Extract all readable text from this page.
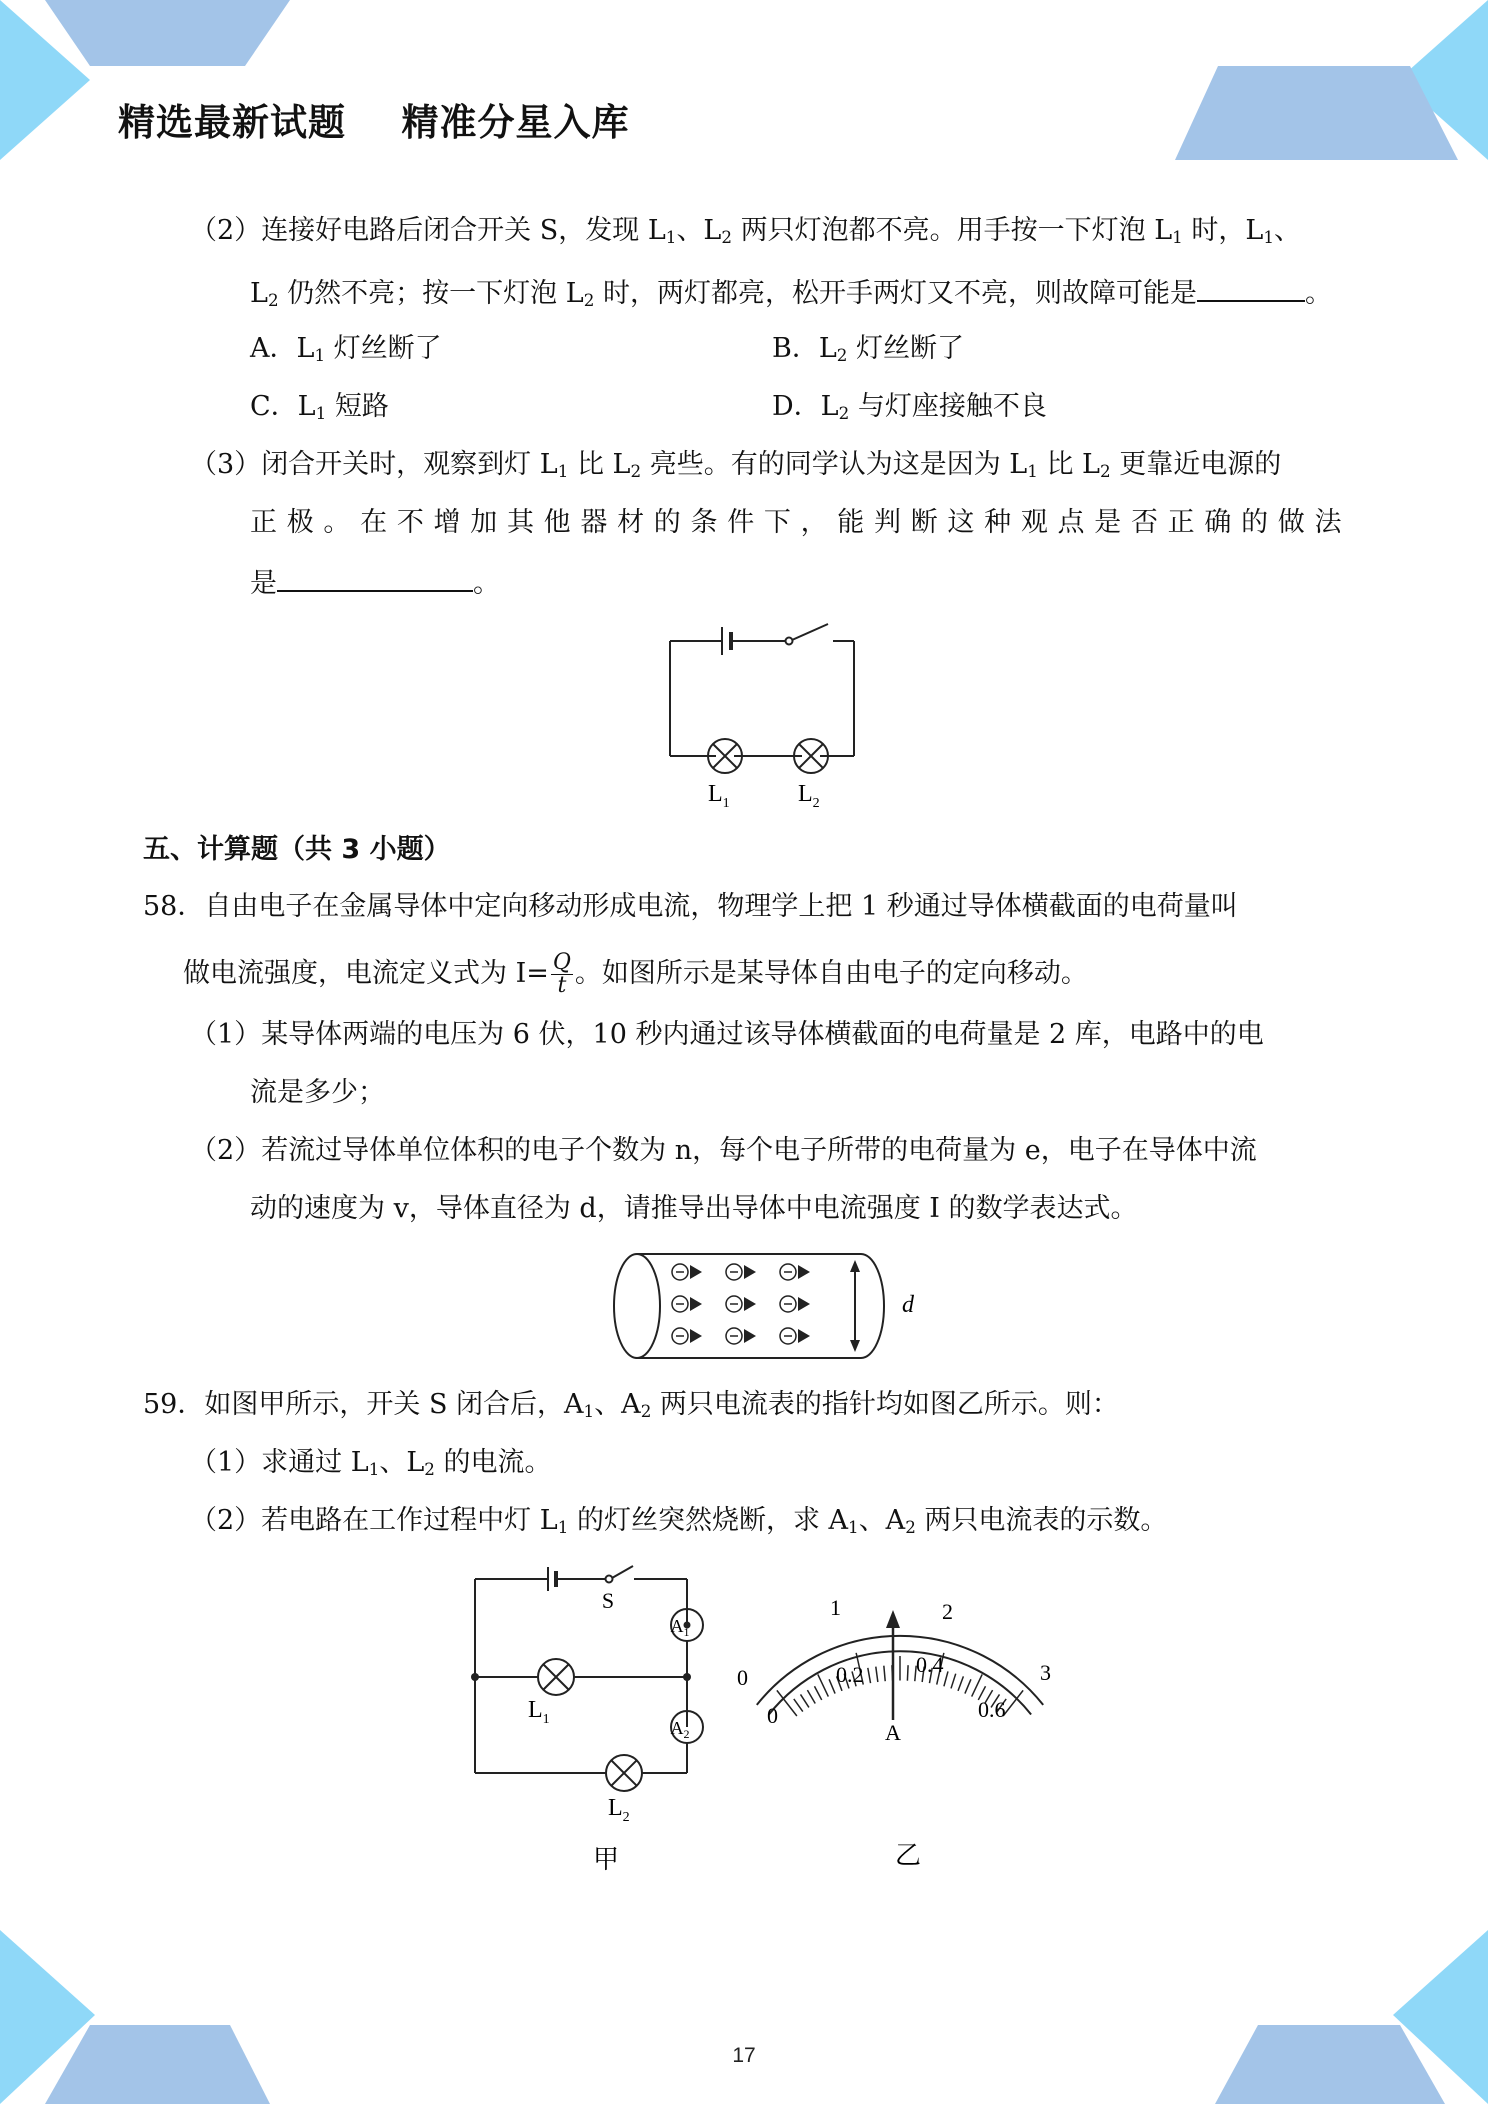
精选最新试题    精准分星入库
（2）连接好电路后闭合开关 S，发现 $L_1$、$L_2$ 两只灯泡都不亮。用手按一下灯泡 $L_1$ 时，$L_1$、
$L_2$ 仍然不亮；按一下灯泡 $L_2$ 时，两灯都亮，松开手两灯又不亮，则故障可能是	。
A．$L_1$ 灯丝断了	B．$L_2$ 灯丝断了
C．$L_1$ 短路	D．$L_2$ 与灯座接触不良
（3）闭合开关时，观察到灯 $L_1$ 比 $L_2$ 亮些。有的同学认为这是因为 $L_1$ 比 $L_2$ 更靠近电源的
正极。在不增加其他器材的条件下，能判断这种观点是否正确的做法
是	。
$L_1$	$L_2$
五、计算题（共 3 小题）
58．自由电子在金属导体中定向移动形成电流，物理学上把 1 秒通过导体横截面的电荷量叫
做电流强度，电流定义式为 $I= \frac{Q}{t}$ 。如图所示是某导体自由电子的定向移动。
（1）某导体两端的电压为 6 伏，10 秒内通过该导体横截面的电荷量是 2 库，电路中的电
流是多少；
（2）若流过导体单位体积的电子个数为 n，每个电子所带的电荷量为 e，电子在导体中流
动的速度为 v，导体直径为 d，请推导出导体中电流强度 I 的数学表达式。
d
59．如图甲所示，开关 S 闭合后，$A_1$、$A_2$ 两只电流表的指针均如图乙所示。则：
（1）求通过 $L_1$、$L_2$ 的电流。
（2）若电路在工作过程中灯 $L_1$ 的灯丝突然烧断，求 $A_1$、$A_2$ 两只电流表的示数。
S
$A_1$
$A_2$
$L_1$
$L_2$
甲
0
1	2
3
0
0.2 0.4
0.6
A
乙
17
